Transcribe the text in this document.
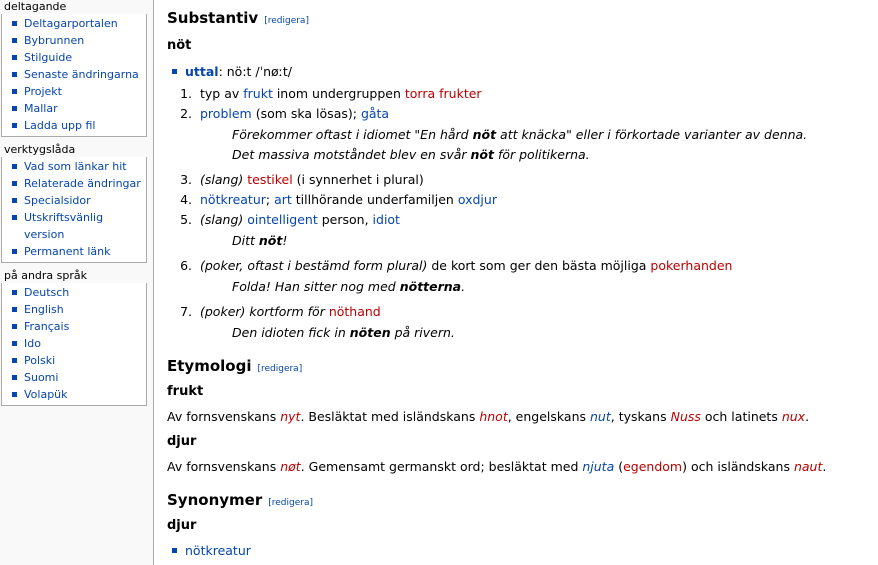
deltagande
Deltagarportalen
Bybrunnen
Stilguide
Senaste ändringarna
Projekt
Mallar
Ladda upp fil
verktygslåda
Vad som länkar hit
Relaterade ändringar
Specialsidor
Utskriftsvänlig
version
Permanent länk
på andra språk
Deutsch
English
Français
Ido
Polski
Suomi
Volapük
Substantiv [redigera]
nöt
uttal: nö:t /ˈnøːt/
1. typ av frukt inom undergruppen torra frukter
2. problem (som ska lösas); gåta
Förekommer oftast i idiomet "En hård nöt att knäcka" eller i förkortade varianter av denna.
Det massiva motståndet blev en svår nöt för politikerna.
3. (slang) testikel (i synnerhet i plural)
4. nötkreatur; art tillhörande underfamiljen oxdjur
5. (slang) ointelligent person, idiot
Ditt nöt!
6. (poker, oftast i bestämd form plural) de kort som ger den bästa möjliga pokerhanden
Folda! Han sitter nog med nötterna.
7. (poker) kortform för nöthand
Den idioten fick in nöten på rivern.
Etymologi [redigera]
frukt
Av fornsvenskans nyt. Besläktat med isländskans hnot, engelskans nut, tyskans Nuss och latinets nux.
djur
Av fornsvenskans nøt. Gemensamt germanskt ord; besläktat med njuta (egendom) och isländskans naut.
Synonymer [redigera]
djur
nötkreatur
